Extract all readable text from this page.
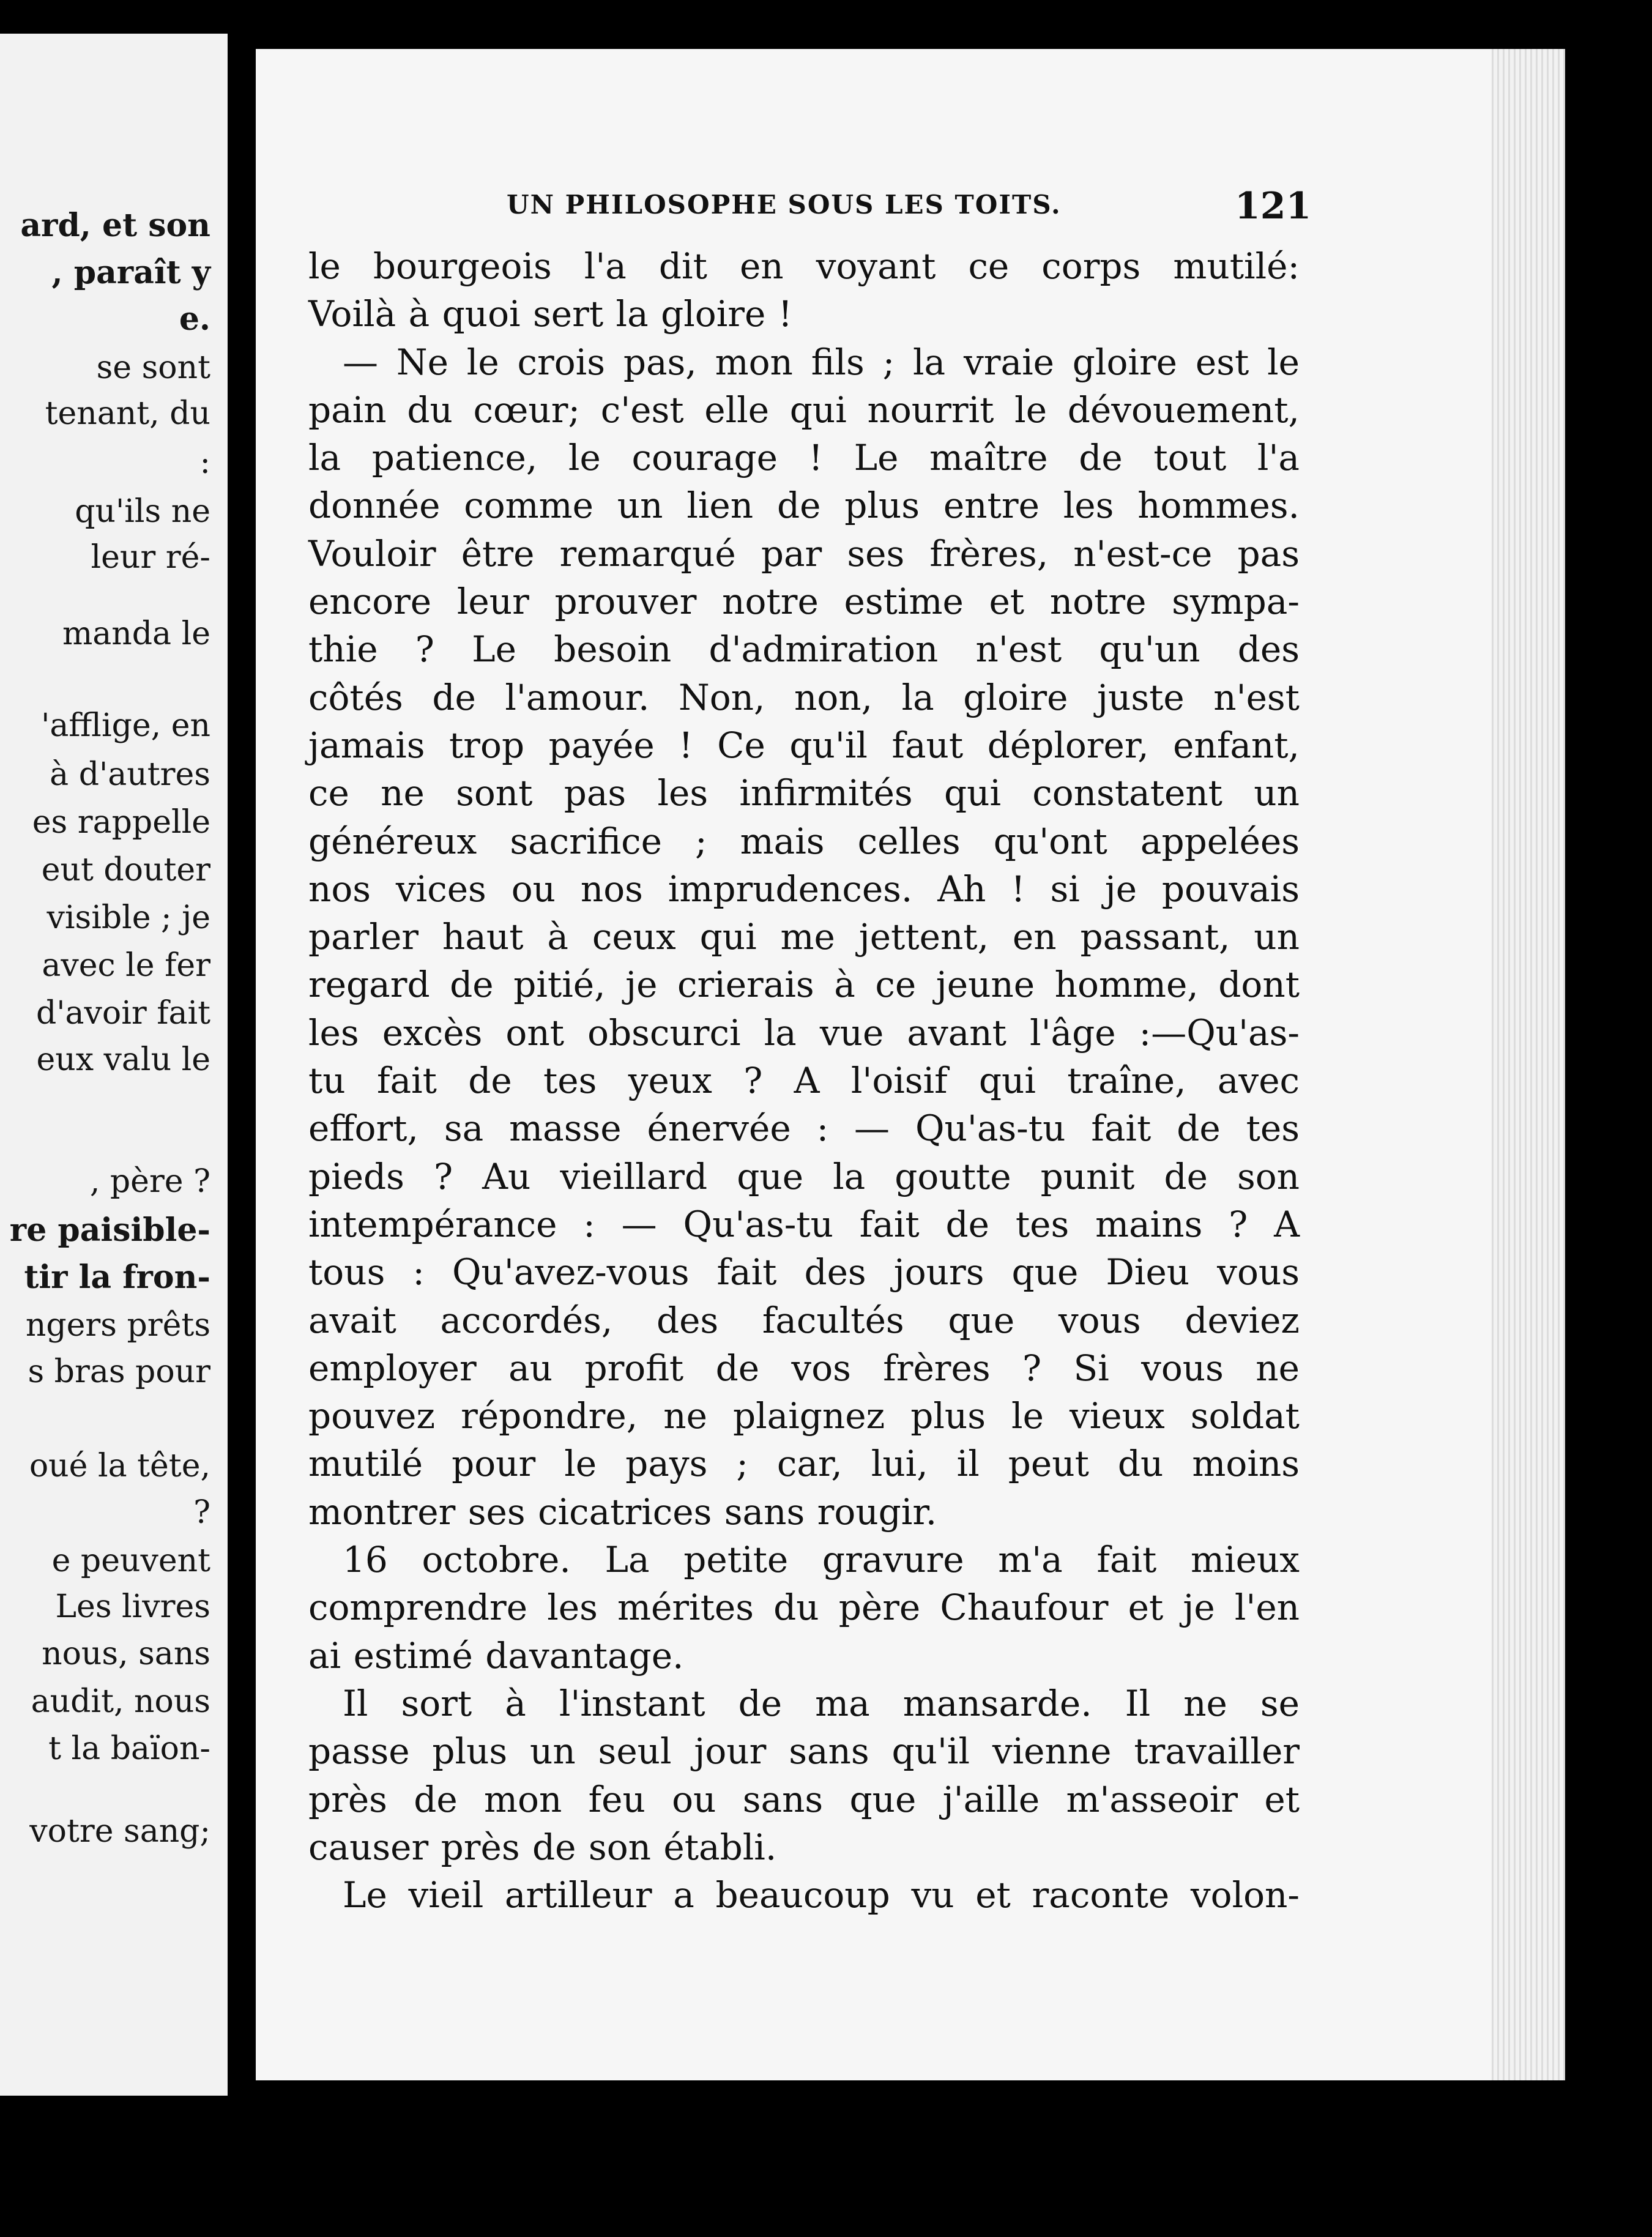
ard, et son
, paraît y
e.
se sont
tenant, du
:
qu'ils ne
leur ré-
manda le
'afflige, en
à d'autres
es rappelle
eut douter
visible ; je
avec le fer
d'avoir fait
eux valu le
, père ?
re paisible-
tir la fron-
ngers prêts
s bras pour
oué la tête,
?
e peuvent
Les livres
nous, sans
audit, nous
t la baïon-
votre sang;
UN PHILOSOPHE SOUS LES TOITS.	121
le bourgeois l'a dit en voyant ce corps mutilé:
Voilà à quoi sert la gloire !
— Ne le crois pas, mon fils ; la vraie gloire est le
pain du cœur; c'est elle qui nourrit le dévouement,
la patience, le courage ! Le maître de tout l'a
donnée comme un lien de plus entre les hommes.
Vouloir être remarqué par ses frères, n'est-ce pas
encore leur prouver notre estime et notre sympa-
thie ? Le besoin d'admiration n'est qu'un des
côtés de l'amour. Non, non, la gloire juste n'est
jamais trop payée ! Ce qu'il faut déplorer, enfant,
ce ne sont pas les infirmités qui constatent un
généreux sacrifice ; mais celles qu'ont appelées
nos vices ou nos imprudences. Ah ! si je pouvais
parler haut à ceux qui me jettent, en passant, un
regard de pitié, je crierais à ce jeune homme, dont
les excès ont obscurci la vue avant l'âge :—Qu'as-
tu fait de tes yeux ? A l'oisif qui traîne, avec
effort, sa masse énervée : — Qu'as-tu fait de tes
pieds ? Au vieillard que la goutte punit de son
intempérance : — Qu'as-tu fait de tes mains ? A
tous : Qu'avez-vous fait des jours que Dieu vous
avait accordés, des facultés que vous deviez
employer au profit de vos frères ? Si vous ne
pouvez répondre, ne plaignez plus le vieux soldat
mutilé pour le pays ; car, lui, il peut du moins
montrer ses cicatrices sans rougir.
16 octobre. La petite gravure m'a fait mieux
comprendre les mérites du père Chaufour et je l'en
ai estimé davantage.
Il sort à l'instant de ma mansarde. Il ne se
passe plus un seul jour sans qu'il vienne travailler
près de mon feu ou sans que j'aille m'asseoir et
causer près de son établi.
Le vieil artilleur a beaucoup vu et raconte volon-
